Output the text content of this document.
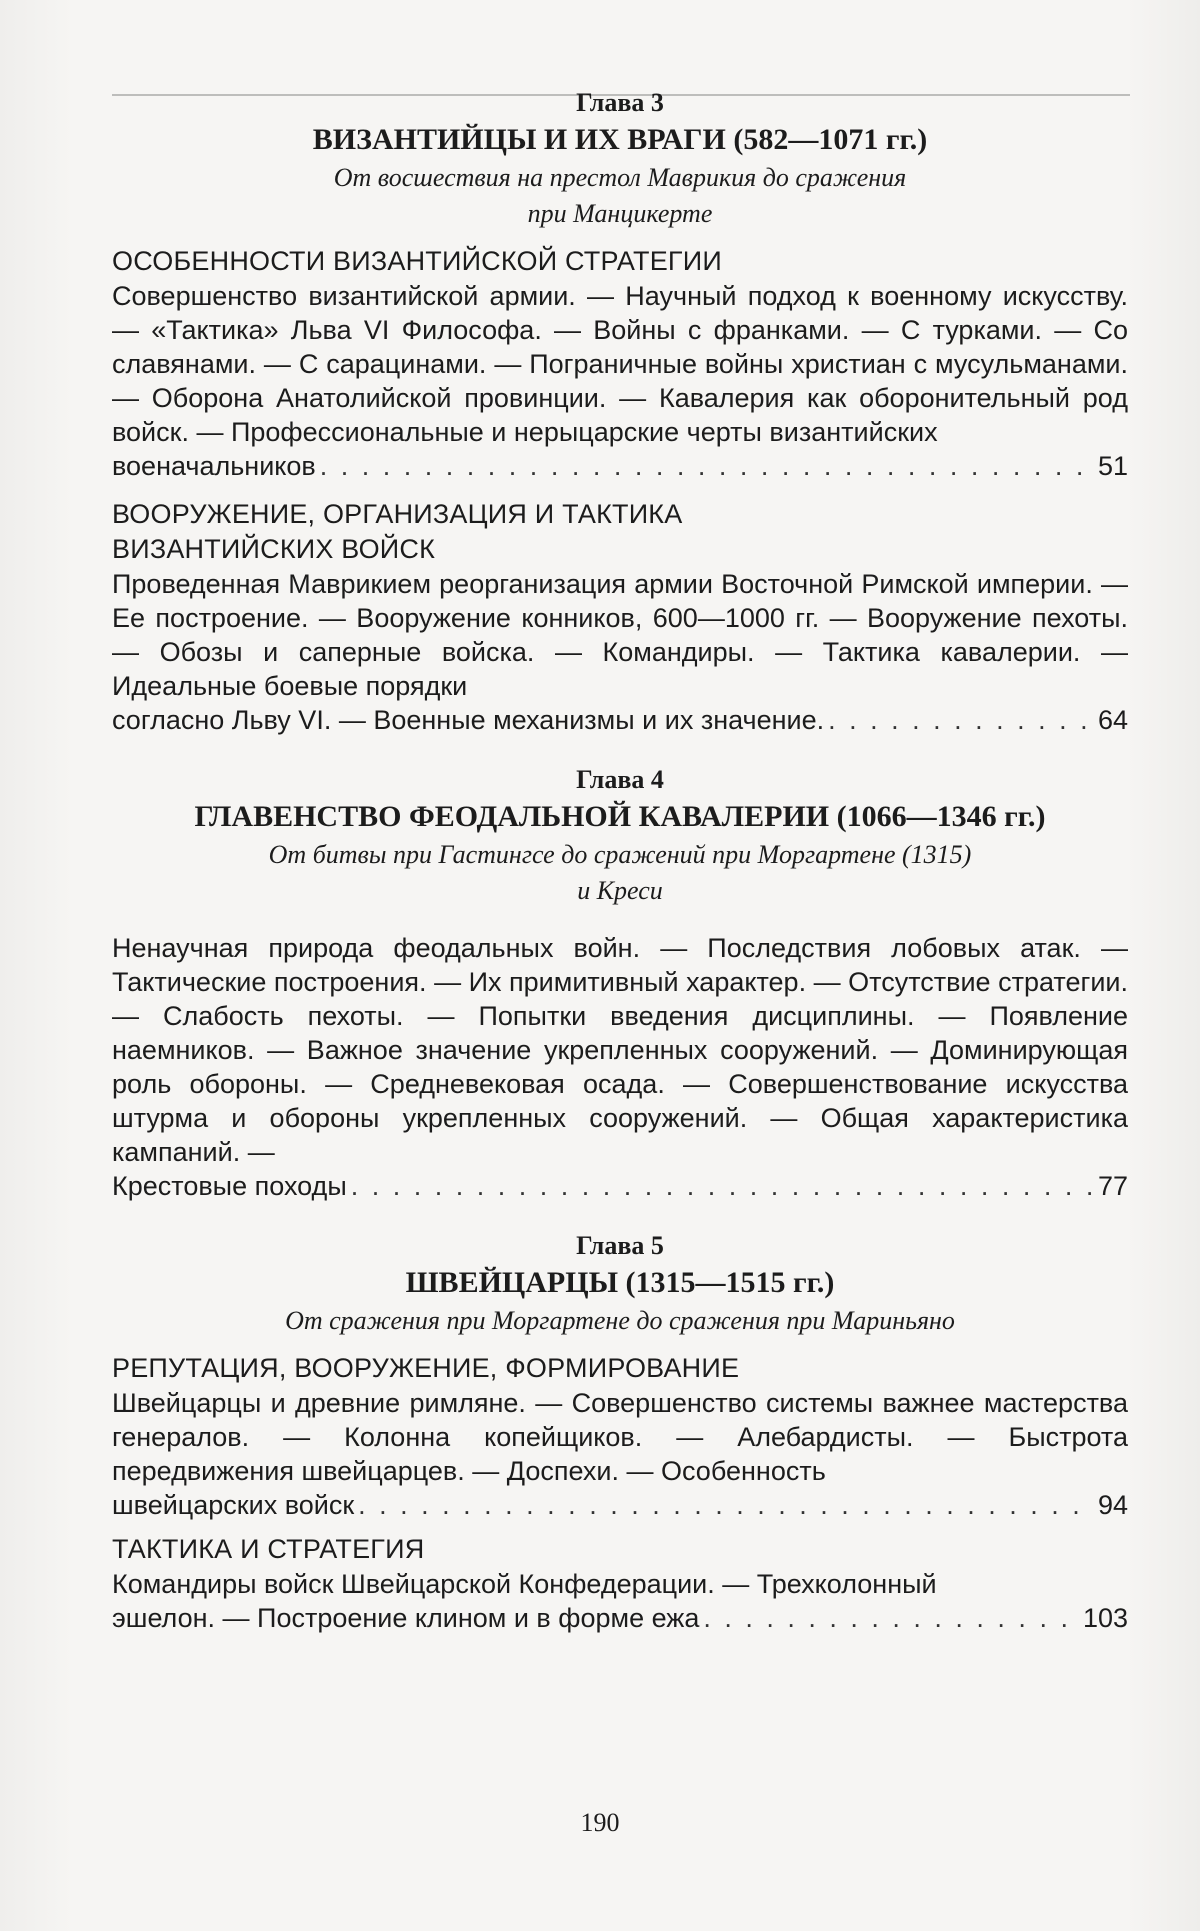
Глава 3

ВИЗАНТИЙЦЫ И ИХ ВРАГИ (582—1071 гг.)

От восшествия на престол Маврикия до сражения

при Манцикерте

ОСОБЕННОСТИ ВИЗАНТИЙСКОЙ СТРАТЕГИИ

Совершенство византийской армии. — Научный подход к военному искусству. — «Тактика» Льва VI Философа. — Войны с франками. — С турками. — Со славянами. — С сарацинами. — Пограничные войны христиан с мусульманами. — Оборона Анатолийской провинции. — Кавалерия как оборонительный род войск. — Профессиональные и нерыцарские черты византийских

военачальников . . .	51

ВООРУЖЕНИЕ, ОРГАНИЗАЦИЯ И ТАКТИКА

ВИЗАНТИЙСКИХ ВОЙСК

Проведенная Маврикием реорганизация армии Восточной Римской империи. — Ее построение. — Вооружение конников, 600—1000 гг. — Вооружение пехоты. — Обозы и саперные войска. — Командиры. — Тактика кавалерии. — Идеальные боевые порядки

согласно Льву VI. — Военные механизмы и их значение. . . .	64

Глава 4

ГЛАВЕНСТВО ФЕОДАЛЬНОЙ КАВАЛЕРИИ (1066—1346 гг.)

От битвы при Гастингсе до сражений при Моргартене (1315)

и Креси

Ненаучная природа феодальных войн. — Последствия лобовых атак. — Тактические построения. — Их примитивный характер. — Отсутствие стратегии. — Слабость пехоты. — Попытки введения дисциплины. — Появление наемников. — Важное значение укрепленных сооружений. — Доминирующая роль обороны. — Средневековая осада. — Совершенствование искусства штурма и обороны укрепленных сооружений. — Общая характеристика кампаний. —

Крестовые походы . . .	77

Глава 5

ШВЕЙЦАРЦЫ (1315—1515 гг.)

От сражения при Моргартене до сражения при Мариньяно

РЕПУТАЦИЯ, ВООРУЖЕНИЕ, ФОРМИРОВАНИЕ

Швейцарцы и древние римляне. — Совершенство системы важнее мастерства генералов. — Колонна копейщиков. — Алебардисты. — Быстрота передвижения швейцарцев. — Доспехи. — Особенность

швейцарских войск . . .	94

ТАКТИКА И СТРАТЕГИЯ

Командиры войск Швейцарской Конфедерации. — Трехколонный

эшелон. — Построение клином и в форме ежа . . .	103
190
